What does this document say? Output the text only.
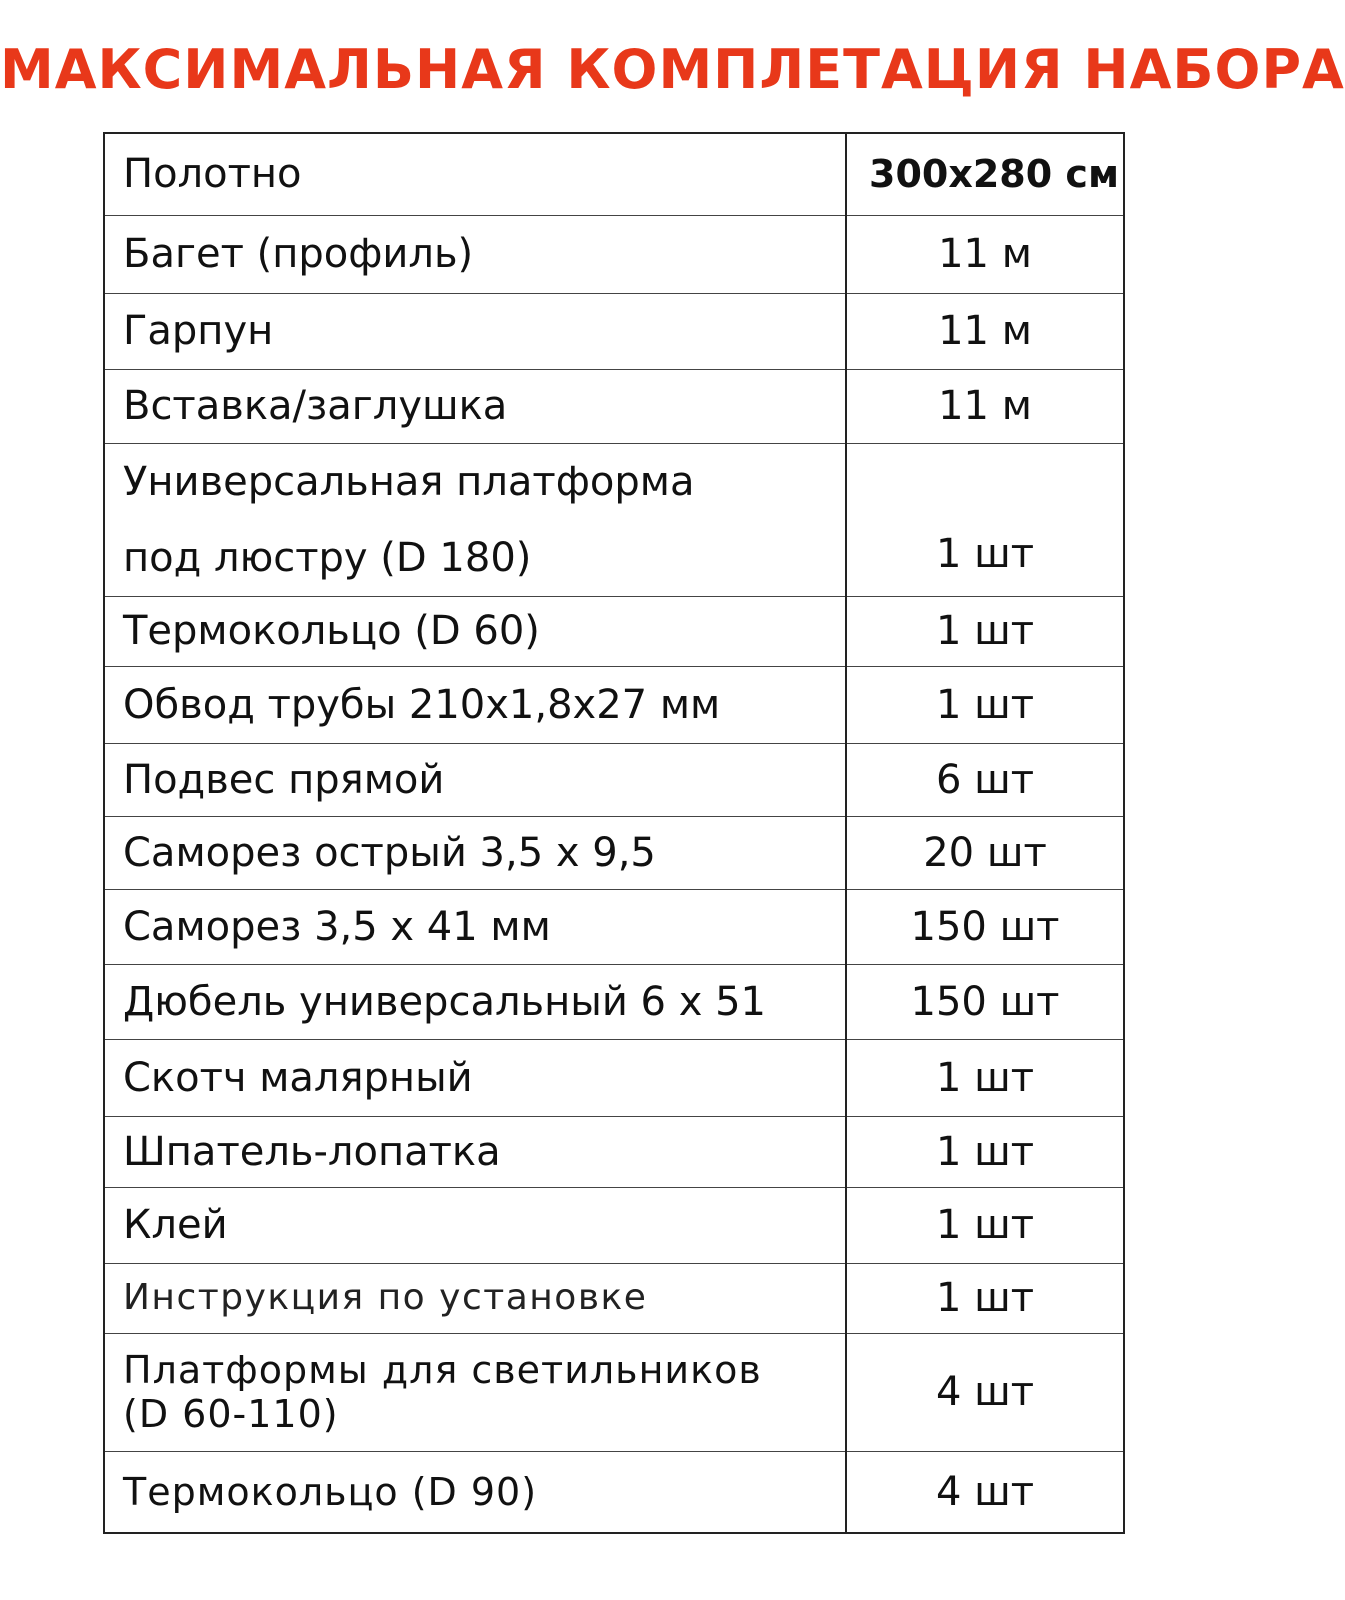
МАКСИМАЛЬНАЯ КОМПЛЕТАЦИЯ НАБОРА
Полотно	300х280 см
Багет (профиль)	11 м
Гарпун	11 м
Вставка/заглушка	11 м

Универсальная платформа
под люстру (D 180)	1 шт
Термокольцо (D 60)	1 шт
Обвод трубы 210х1,8х27 мм	1 шт
Подвес прямой	6 шт
Саморез острый 3,5 х 9,5	20 шт
Саморез 3,5 х 41 мм	150 шт
Дюбель универсальный 6 х 51	150 шт
Скотч малярный	1 шт
Шпатель-лопатка	1 шт
Клей	1 шт
Инструкция по установке	1 шт

Платформы для светильников
(D 60-110)	4 шт
Термокольцо (D 90)	4 шт
